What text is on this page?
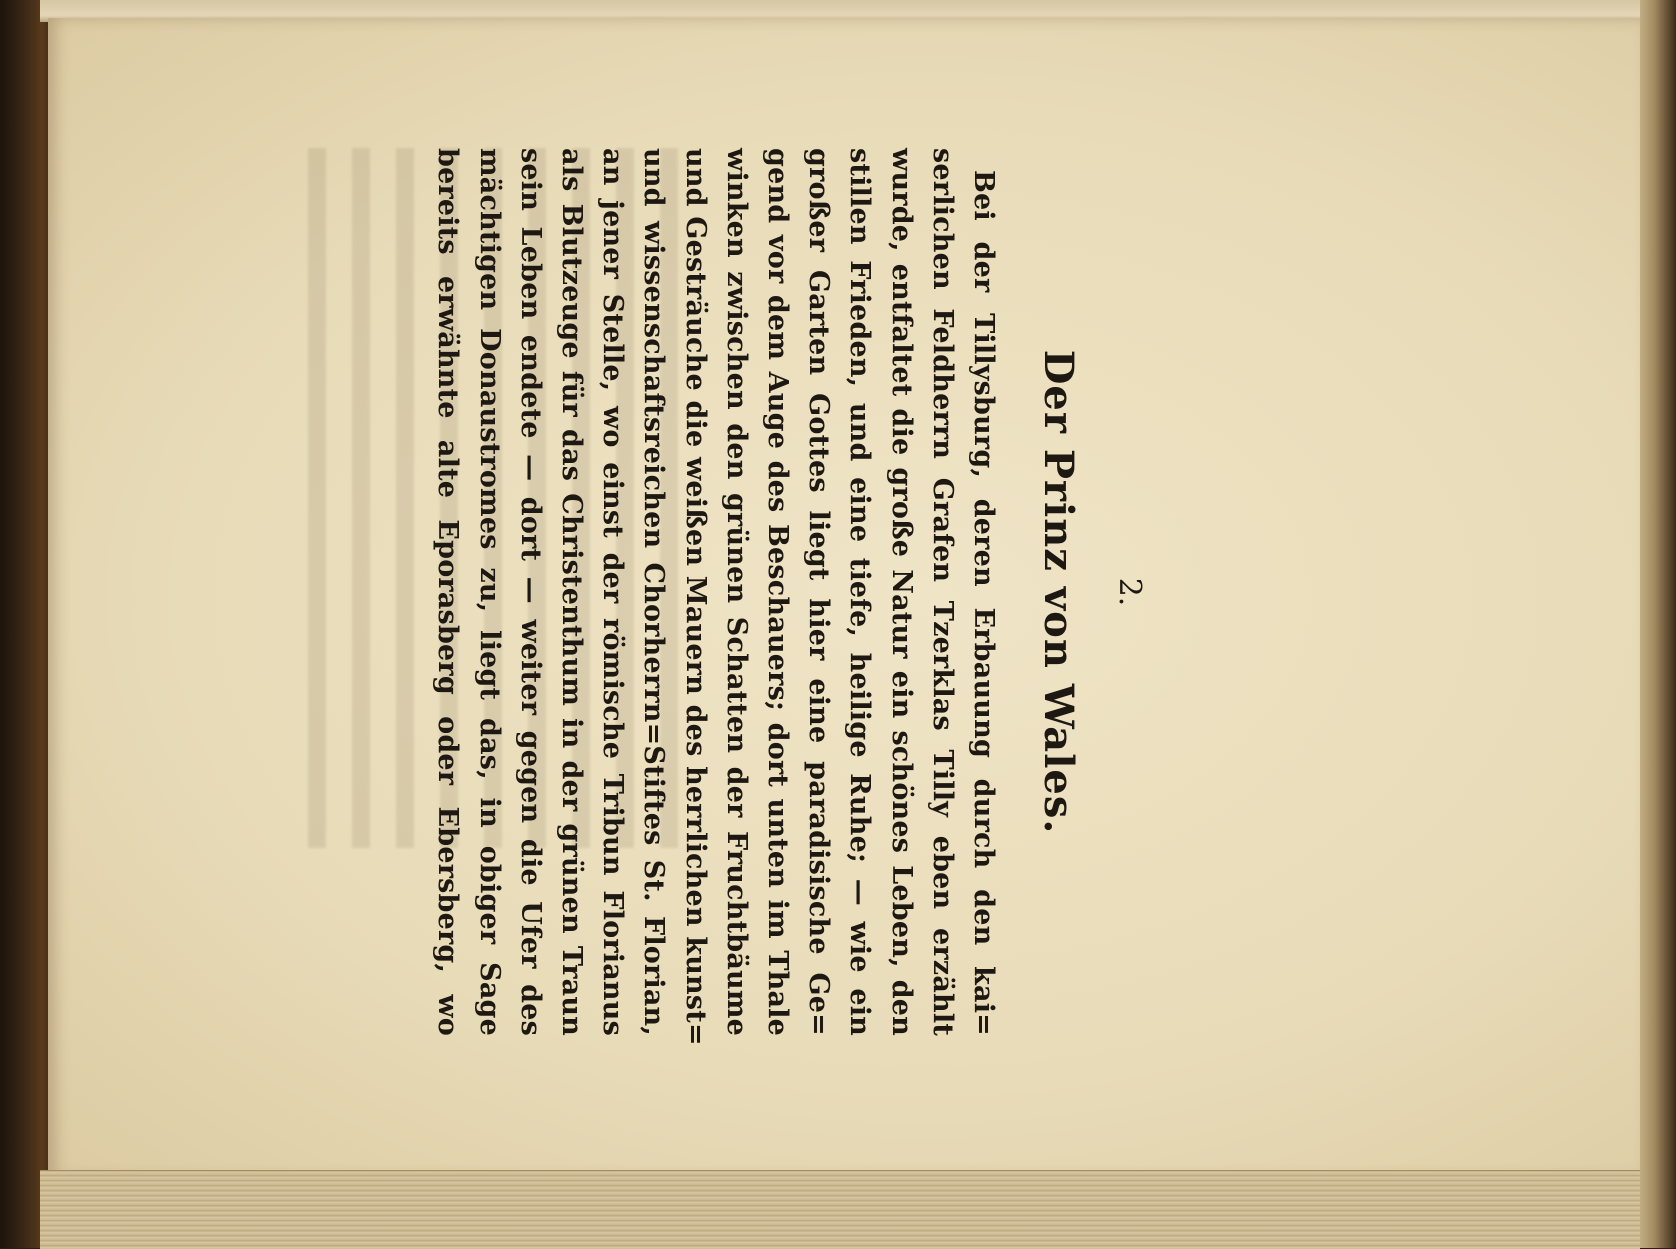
2.
Der Prinz von Wales.
Bei der Tillysburg, deren Erbauung durch den kai=
serlichen Feldherrn Grafen Tzerklas Tilly eben erzählt
wurde, entfaltet die große Natur ein schönes Leben, den
stillen Frieden, und eine tiefe, heilige Ruhe; — wie ein
großer Garten Gottes liegt hier eine paradisische Ge=
gend vor dem Auge des Beschauers; dort unten im Thale
winken zwischen den grünen Schatten der Fruchtbäume
und Gesträuche die weißen Mauern des herrlichen kunst=
und wissenschaftsreichen Chorherrn=Stiftes St. Florian,
an jener Stelle, wo einst der römische Tribun Florianus
als Blutzeuge für das Christenthum in der grünen Traun
sein Leben endete — dort — weiter gegen die Ufer des
mächtigen Donaustromes zu, liegt das, in obiger Sage
bereits erwähnte alte Eporasberg oder Ebersberg, wo
